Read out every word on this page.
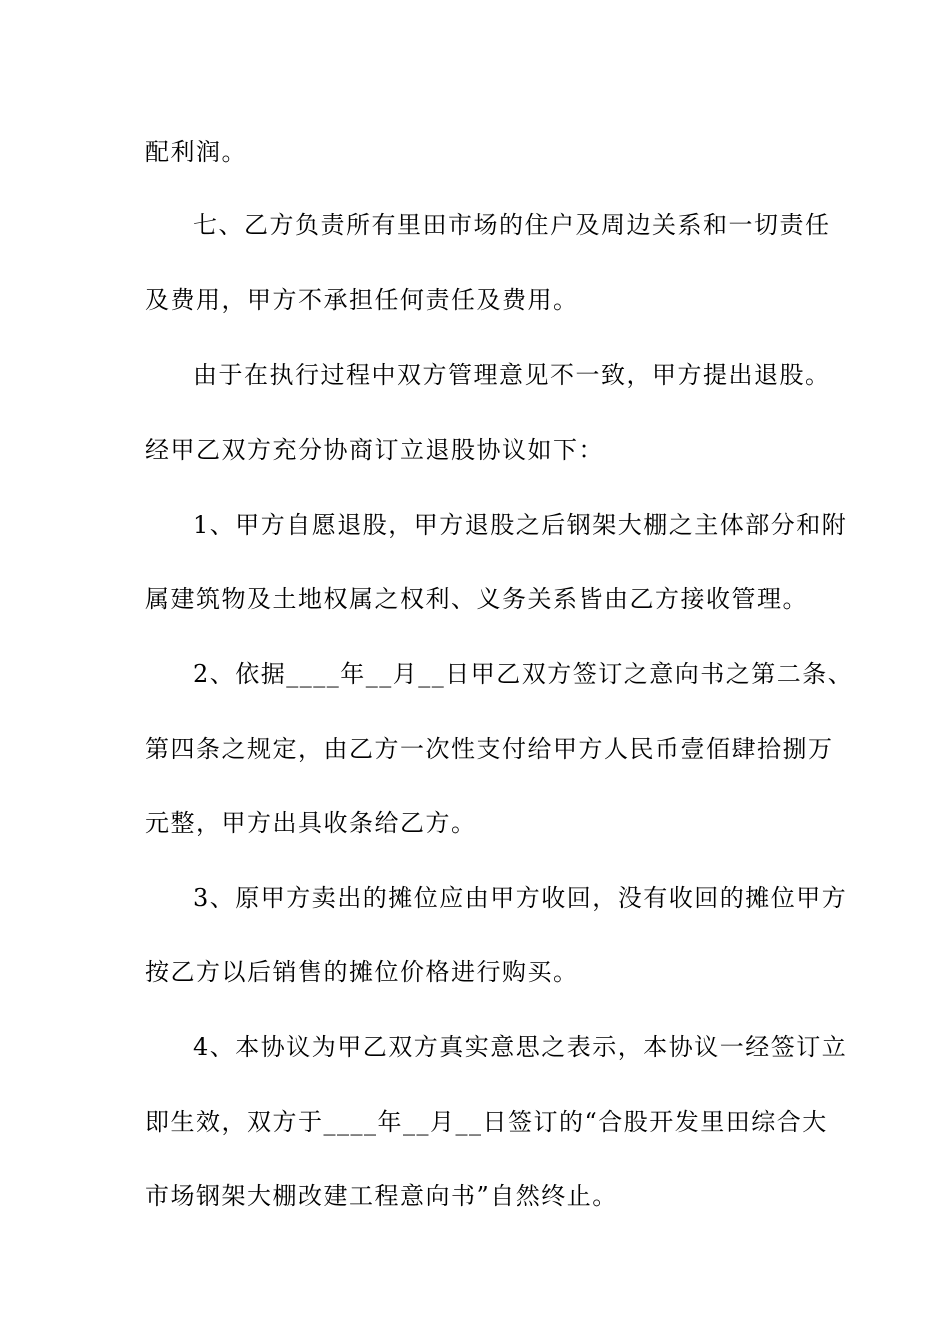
配利润。
七、乙方负责所有里田市场的住户及周边关系和一切责任
及费用，甲方不承担任何责任及费用。
由于在执行过程中双方管理意见不一致，甲方提出退股。
经甲乙双方充分协商订立退股协议如下：
1、甲方自愿退股，甲方退股之后钢架大棚之主体部分和附
属建筑物及土地权属之权利、义务关系皆由乙方接收管理。
2、依据____年__月__日甲乙双方签订之意向书之第二条、
第四条之规定，由乙方一次性支付给甲方人民币壹佰肆拾捌万
元整，甲方出具收条给乙方。
3、原甲方卖出的摊位应由甲方收回，没有收回的摊位甲方
按乙方以后销售的摊位价格进行购买。
4、本协议为甲乙双方真实意思之表示，本协议一经签订立
即生效，双方于____年__月__日签订的“合股开发里田综合大
市场钢架大棚改建工程意向书”自然终止。
